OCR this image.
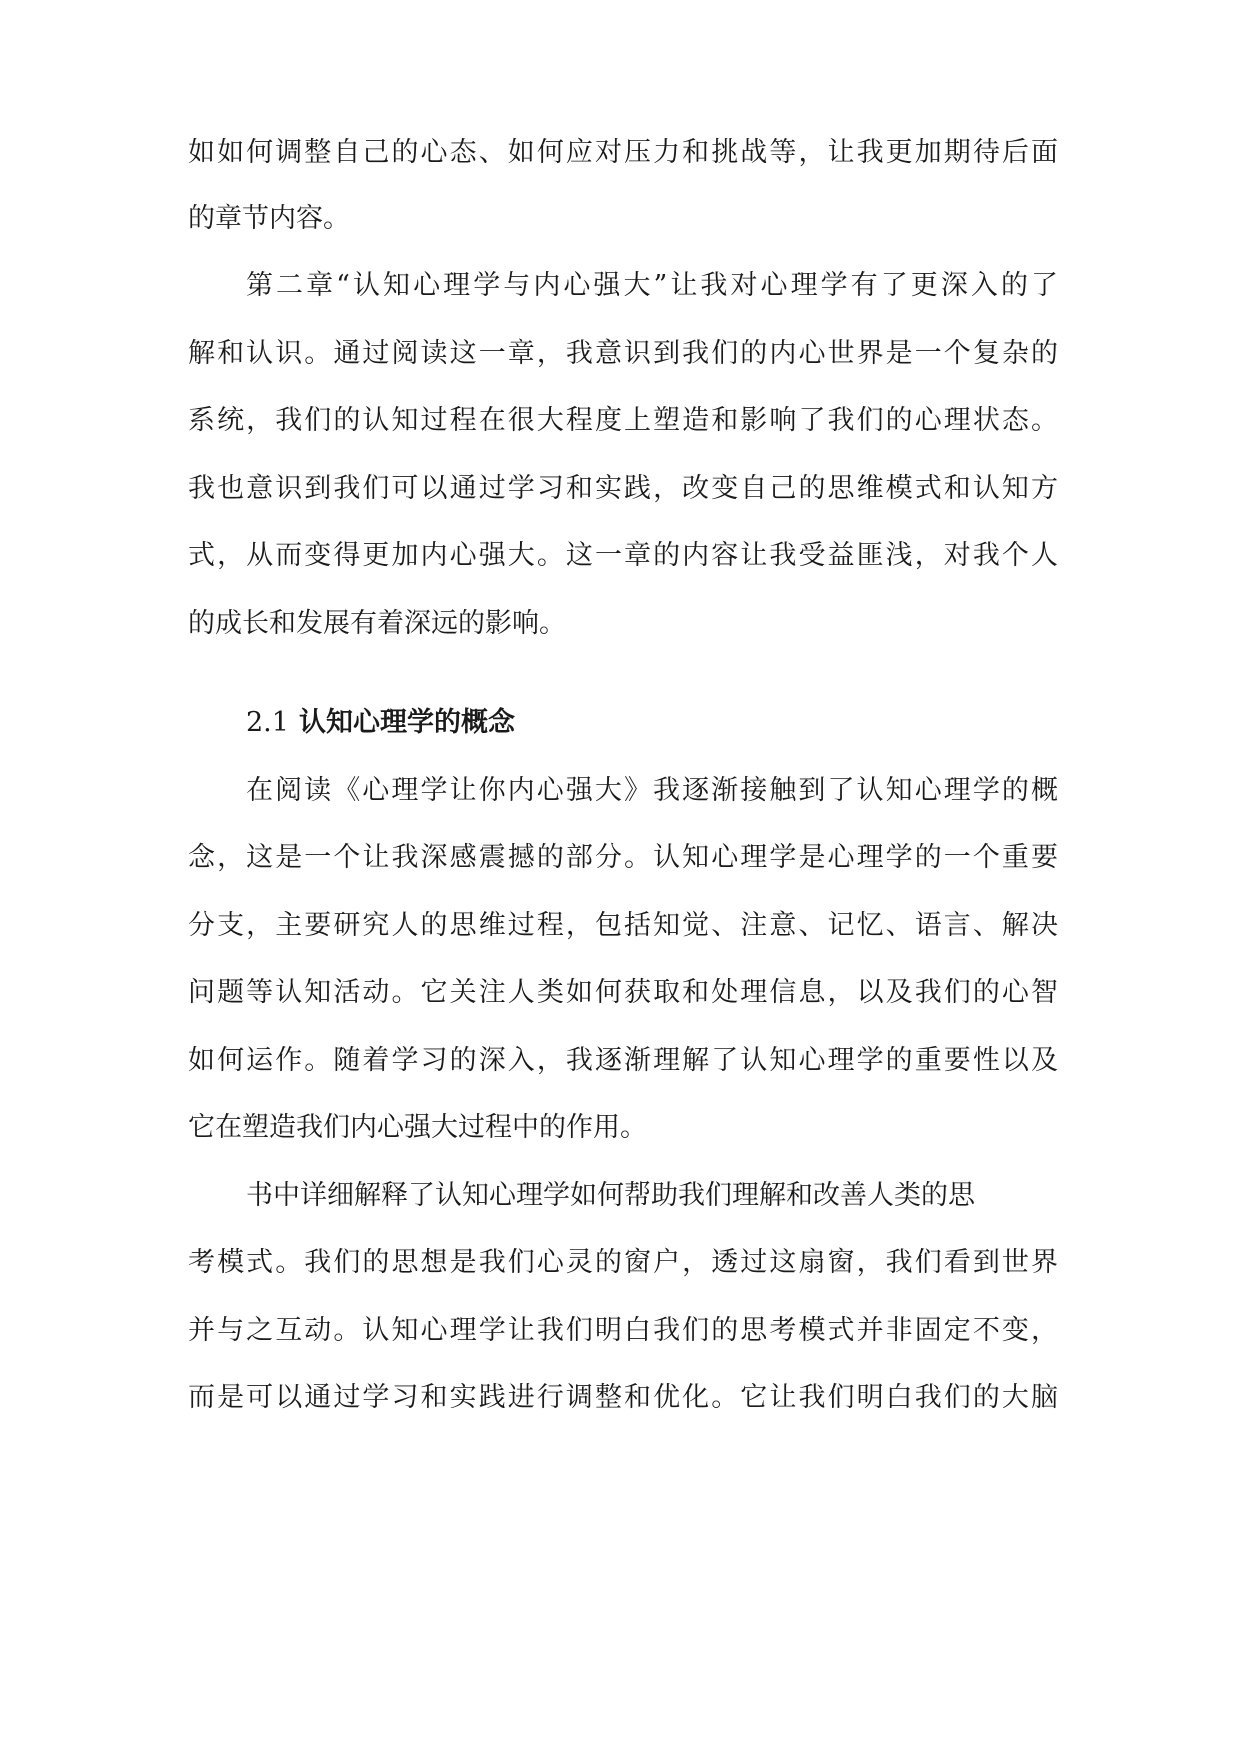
如如何调整自己的心态、如何应对压力和挑战等，让我更加期待后面
的章节内容。
第二章“认知心理学与内心强大”让我对心理学有了更深入的了
解和认识。通过阅读这一章，我意识到我们的内心世界是一个复杂的
系统，我们的认知过程在很大程度上塑造和影响了我们的心理状态。
我也意识到我们可以通过学习和实践，改变自己的思维模式和认知方
式，从而变得更加内心强大。这一章的内容让我受益匪浅，对我个人
的成长和发展有着深远的影响。
2.1 认知心理学的概念
在阅读《心理学让你内心强大》我逐渐接触到了认知心理学的概
念，这是一个让我深感震撼的部分。认知心理学是心理学的一个重要
分支，主要研究人的思维过程，包括知觉、注意、记忆、语言、解决
问题等认知活动。它关注人类如何获取和处理信息，以及我们的心智
如何运作。随着学习的深入，我逐渐理解了认知心理学的重要性以及
它在塑造我们内心强大过程中的作用。
书中详细解释了认知心理学如何帮助我们理解和改善人类的思
考模式。我们的思想是我们心灵的窗户，透过这扇窗，我们看到世界
并与之互动。认知心理学让我们明白我们的思考模式并非固定不变，
而是可以通过学习和实践进行调整和优化。它让我们明白我们的大脑
